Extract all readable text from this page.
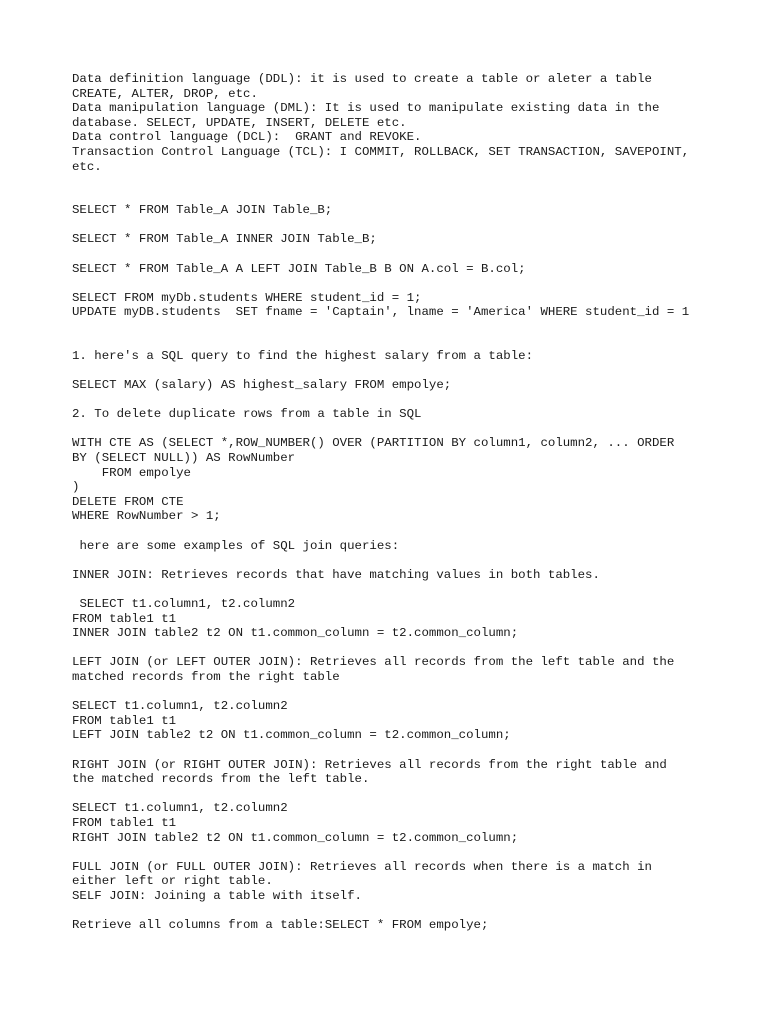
Data definition language (DDL): it is used to create a table or aleter a table
CREATE, ALTER, DROP, etc.
Data manipulation language (DML): It is used to manipulate existing data in the
database. SELECT, UPDATE, INSERT, DELETE etc.
Data control language (DCL):  GRANT and REVOKE.
Transaction Control Language (TCL): I COMMIT, ROLLBACK, SET TRANSACTION, SAVEPOINT,
etc.
SELECT * FROM Table_A JOIN Table_B;
SELECT * FROM Table_A INNER JOIN Table_B;
SELECT * FROM Table_A A LEFT JOIN Table_B B ON A.col = B.col;
SELECT FROM myDb.students WHERE student_id = 1;
UPDATE myDB.students  SET fname = 'Captain', lname = 'America' WHERE student_id = 1
1. here's a SQL query to find the highest salary from a table:
SELECT MAX (salary) AS highest_salary FROM empolye;
2. To delete duplicate rows from a table in SQL
WITH CTE AS (SELECT *,ROW_NUMBER() OVER (PARTITION BY column1, column2, ... ORDER
BY (SELECT NULL)) AS RowNumber
FROM empolye
)
DELETE FROM CTE
WHERE RowNumber > 1;
here are some examples of SQL join queries:
INNER JOIN: Retrieves records that have matching values in both tables.
SELECT t1.column1, t2.column2
FROM table1 t1
INNER JOIN table2 t2 ON t1.common_column = t2.common_column;
LEFT JOIN (or LEFT OUTER JOIN): Retrieves all records from the left table and the
matched records from the right table
SELECT t1.column1, t2.column2
FROM table1 t1
LEFT JOIN table2 t2 ON t1.common_column = t2.common_column;
RIGHT JOIN (or RIGHT OUTER JOIN): Retrieves all records from the right table and
the matched records from the left table.
SELECT t1.column1, t2.column2
FROM table1 t1
RIGHT JOIN table2 t2 ON t1.common_column = t2.common_column;
FULL JOIN (or FULL OUTER JOIN): Retrieves all records when there is a match in
either left or right table.
SELF JOIN: Joining a table with itself.
Retrieve all columns from a table:SELECT * FROM empolye;
